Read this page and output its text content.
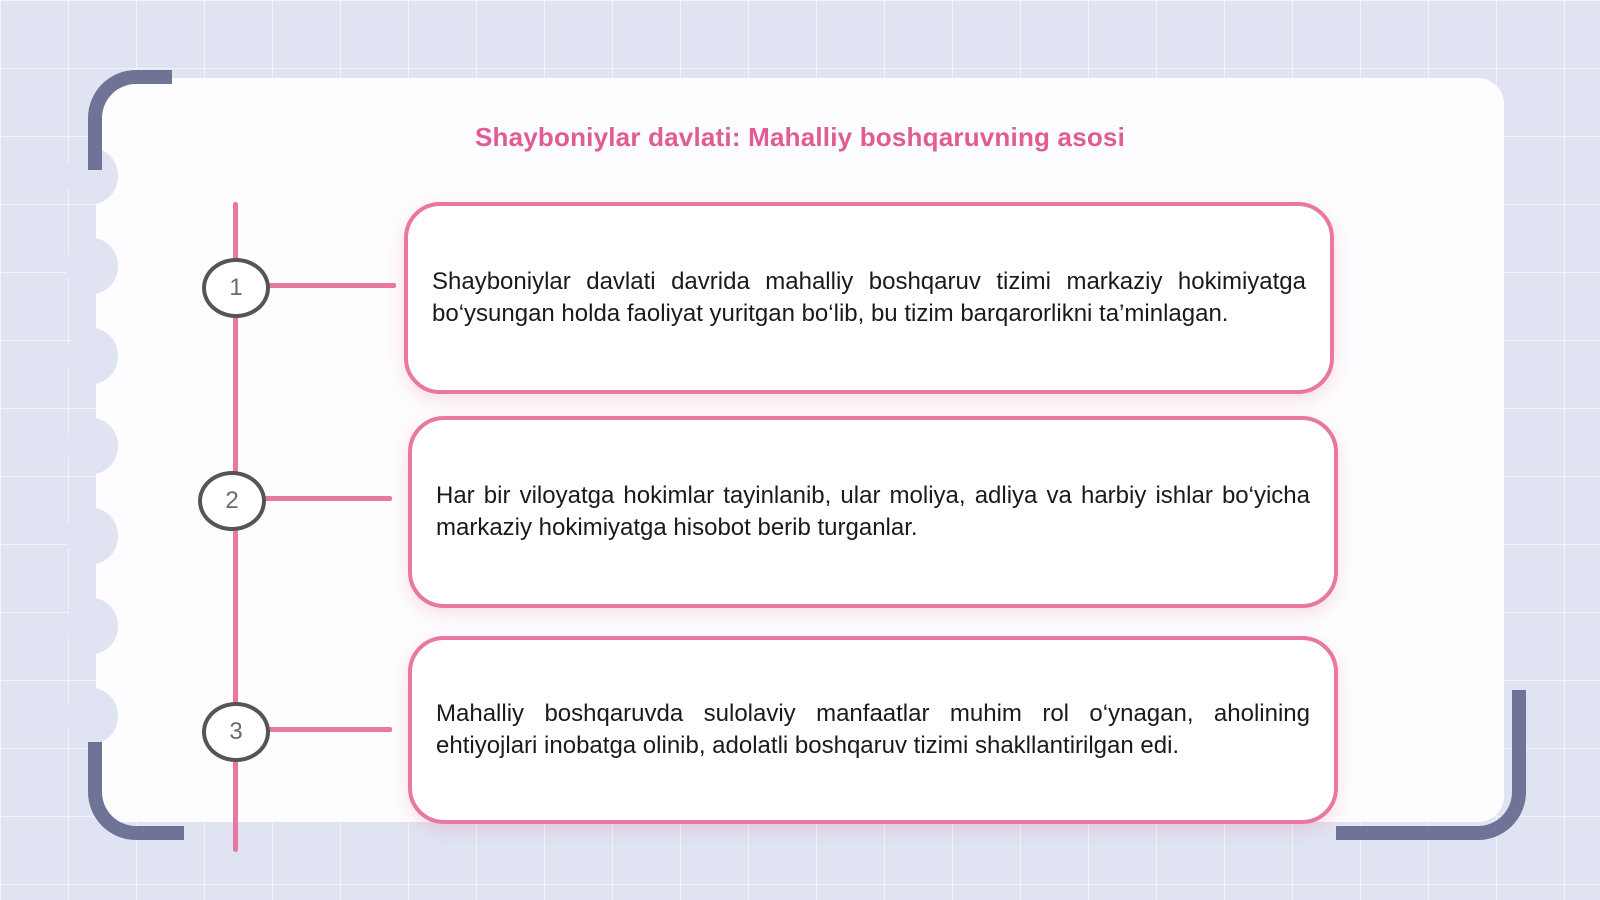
Shayboniylar davlati: Mahalliy boshqaruvning asosi
1	Shayboniylar davlati davrida mahalliy boshqaruv tizimi markaziy hokimiyatga bo‘ysungan holda faoliyat yuritgan bo‘lib, bu tizim barqarorlikni ta’minlagan.

2	Har bir viloyatga hokimlar tayinlanib, ular moliya, adliya va harbiy ishlar bo‘yicha markaziy hokimiyatga hisobot berib turganlar.

3

Mahalliy boshqaruvda sulolaviy manfaatlar muhim rol o‘ynagan, aholining ehtiyojlari inobatga olinib, adolatli boshqaruv tizimi shakllantirilgan edi.
